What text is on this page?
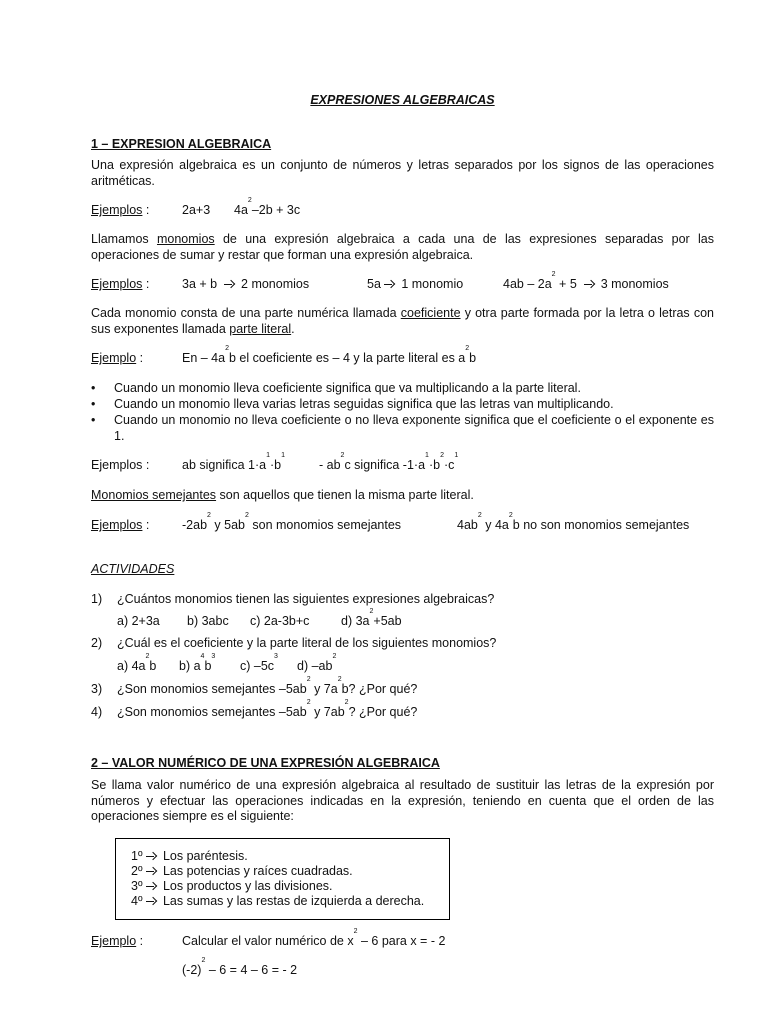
EXPRESIONES ALGEBRAICAS
1 – EXPRESION ALGEBRAICA
Una expresión algebraica es un conjunto de números y letras separados por los signos de las operaciones aritméticas.
Ejemplos :	2a+3 $4a^2-2b + 3c$
Llamamos monomios de una expresión algebraica a cada una de las expresiones separadas por las operaciones de sumar y restar que forman una expresión algebraica.
Ejemplos :	3a + b 2 monomios	5a 1 monomio	$4ab - 2a^2 + 5$ 3 monomios
Cada monomio consta de una parte numérica llamada coeficiente y otra parte formada por la letra o letras con sus exponentes llamada parte literal.
Ejemplo :	En – $4a^2b$ el coeficiente es – 4 y la parte literal es $a^2b$
• Cuando un monomio lleva coeficiente significa que va multiplicando a la parte literal.
• Cuando un monomio lleva varias letras seguidas significa que las letras van multiplicando.
• Cuando un monomio no lleva coeficiente o no lleva exponente significa que el coeficiente o el exponente es 1.
Ejemplos :	ab significa $1\cdot a^1\cdot b^1$
- $ab^2c$ significa $-1\cdot a^1\cdot b^2\cdot c^1$
Monomios semejantes son aquellos que tienen la misma parte literal.
Ejemplos :	$-2ab^2$ y $5ab^2$ son monomios semejantes	$4ab^2$ y $4a^2b$ no son monomios semejantes
ACTIVIDADES
1) ¿Cuántos monomios tienen las siguientes expresiones algebraicas?
a) 2+3a b) 3abc c) 2a-3b+c	d) $3a^2+5ab$
2) ¿Cuál es el coeficiente y la parte literal de los siguientes monomios?
a) $4a^2b$ b) $a^4b^3$
c) $-5c^3$
d) $-ab^2$
3) ¿Son monomios semejantes $-5ab^2$ y $7a^2b$? ¿Por qué?
4) ¿Son monomios semejantes $-5ab^2$ y $7ab^2$? ¿Por qué?
2 – VALOR NUMÉRICO DE UNA EXPRESIÓN ALGEBRAICA
Se llama valor numérico de una expresión algebraica al resultado de sustituir las letras de la expresión por números y efectuar las operaciones indicadas en la expresión, teniendo en cuenta que el orden de las operaciones siempre es el siguiente:
1º Los paréntesis.
2º Las potencias y raíces cuadradas.
3º Los productos y las divisiones.
4º Las sumas y las restas de izquierda a derecha.
Ejemplo :	Calcular el valor numérico de $x^2 - 6$ para x = - 2
$(-2)^2 - 6 = 4 - 6$ = - 2
